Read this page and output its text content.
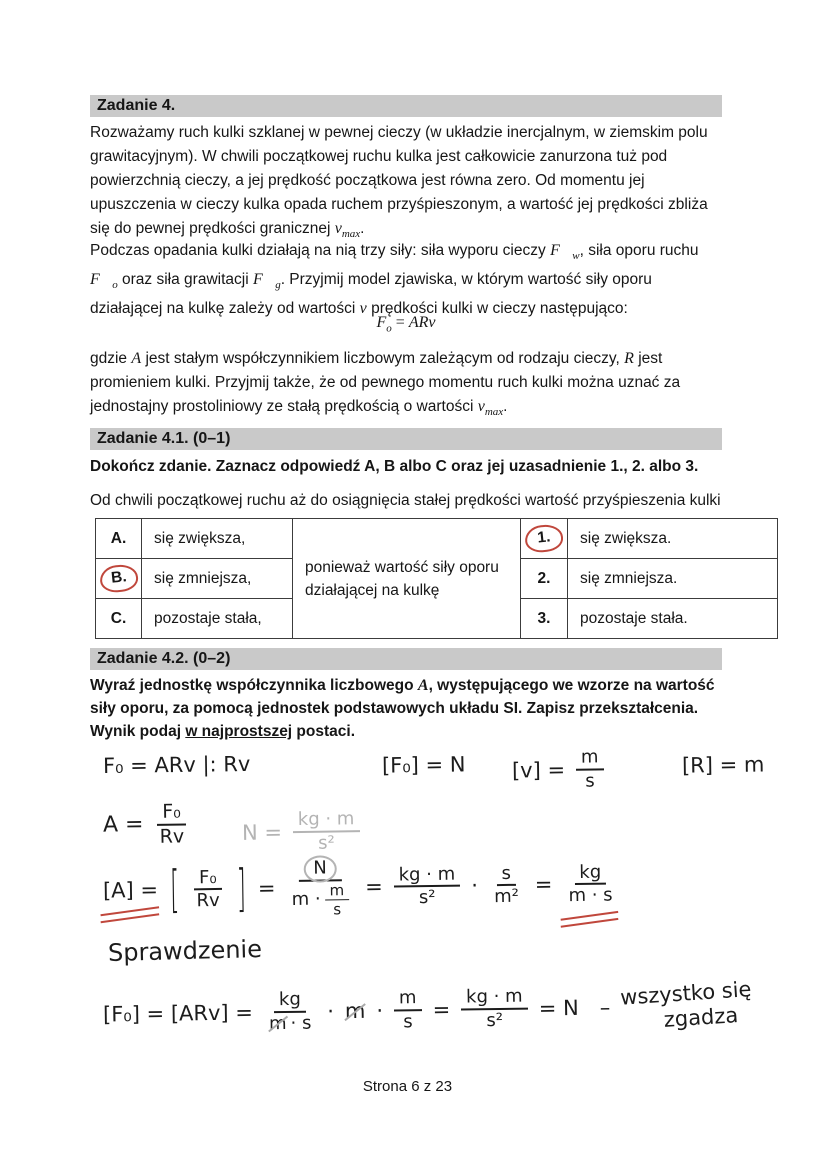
Zadanie 4.

Rozważamy ruch kulki szklanej w pewnej cieczy (w układzie inercjalnym, w ziemskim polu grawitacyjnym). W chwili początkowej ruchu kulka jest całkowicie zanurzona tuż pod powierzchnią cieczy, a jej prędkość początkowa jest równa zero. Od momentu jej upuszczenia w cieczy kulka opada ruchem przyśpieszonym, a wartość jej prędkości zbliża się do pewnej prędkości granicznej $v_{max}$.

Podczas opadania kulki działają na nią trzy siły: siła wyporu cieczy $F⃗_w$, siła oporu ruchu $F⃗_o$ oraz siła grawitacji $F⃗_g$. Przyjmij model zjawiska, w którym wartość siły oporu działającej na kulkę zależy od wartości v prędkości kulki w cieczy następująco:

$F_o$ = ARv

gdzie A jest stałym współczynnikiem liczbowym zależącym od rodzaju cieczy, R jest promieniem kulki. Przyjmij także, że od pewnego momentu ruch kulki można uznać za jednostajny prostoliniowy ze stałą prędkością o wartości $v_{max}$.

Zadanie 4.1. (0–1)

Dokończ zdanie. Zaznacz odpowiedź A, B albo C oraz jej uzasadnienie 1., 2. albo 3.

Od chwili początkowej ruchu aż do osiągnięcia stałej prędkości wartość przyśpieszenia kulki

A.	się zwiększa,	ponieważ wartość siły oporu działającej na kulkę	1.	się zwiększa.
B.	się zmniejsza,		2.	się zmniejsza.
C.	pozostaje stała,		3.	pozostaje stała.
Zadanie 4.2. (0–2)

Wyraź jednostkę współczynnika liczbowego A, występującego we wzorze na wartość siły oporu, za pomocą jednostek podstawowych układu SI. Zapisz przekształcenia. Wynik podaj w najprostszej postaci.

F₀ = ARv |: Rv	[F₀] = N $[v] = \frac{m}{s}$	[R] = m
$A = \frac{\text{F₀}}{Rv}$	$N = \frac{kg \cdot m}{\text{s²}}$
[A] = [ $\frac{\text{F₀}}{Rv}$ ] = $\frac{N}{m \cdot \frac{m}{s}} = \frac{kg \cdot m}{\text{s²}} \cdot \frac{s}{\text{m²}} = \frac{kg}{m \cdot s}$
Sprawdzenie
$[F_0] = [ARv] = \frac{kg}{m \cdot s} \cdot m \cdot \frac{m}{s} = \frac{kg \cdot m}{\text{s²}} = N$ – wszystko się
zgadza
Strona 6 z 23
